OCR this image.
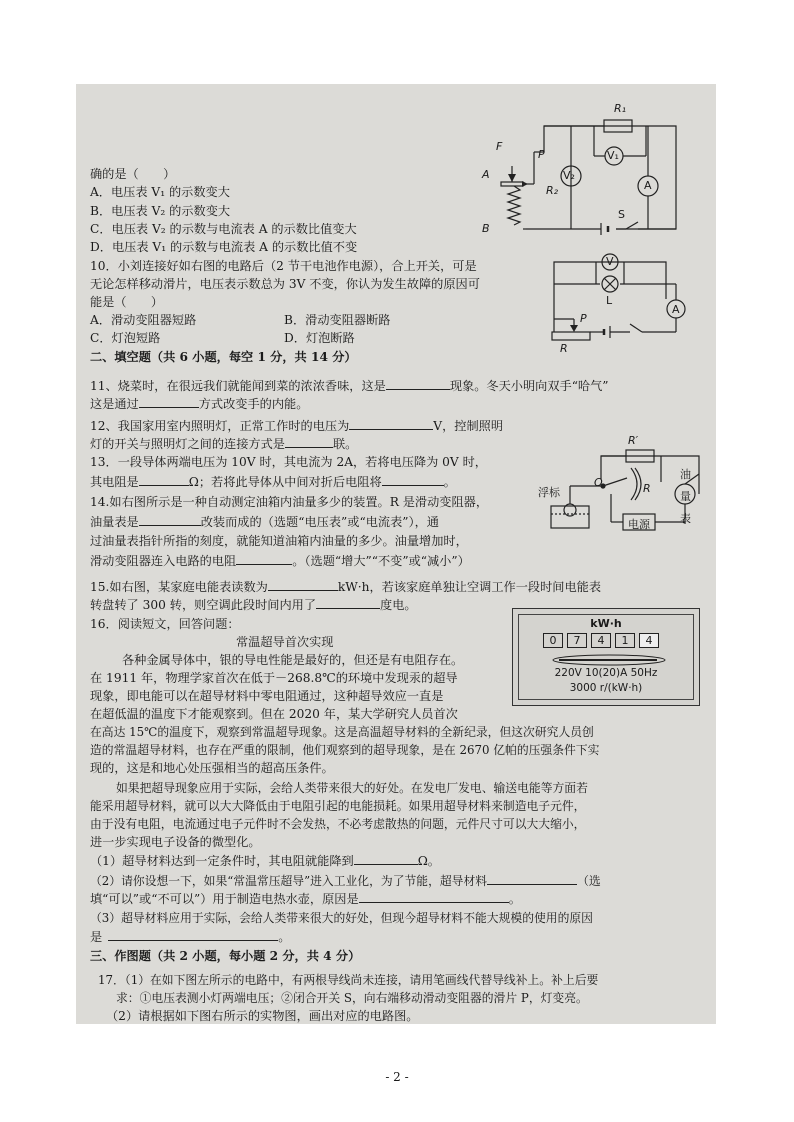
F
A
B
P
R₂
R₁
V₂
V₁
A
S
确的是（　　）
A．电压表 V₁ 的示数变大
B．电压表 V₂ 的示数变大
C．电压表 V₂ 的示数与电流表 A 的示数比值变大
D．电压表 V₁ 的示数与电流表 A 的示数比值不变
10．小刘连接好如右图的电路后（2 节干电池作电源），合上开关，可是
无论怎样移动滑片，电压表示数总为 3V 不变，你认为发生故障的原因可
能是（　　）
A．滑动变阻器短路	B．滑动变阻器断路
C．灯泡短路	D．灯泡断路
V
L
A
P
R
二、填空题（共 6 小题，每空 1 分，共 14 分）
11、烧菜时，在很远我们就能闻到菜的浓浓香味，这是	现象。冬天小明向双手“哈气”
这是通过	方式改变手的内能。
12、我国家用室内照明灯，正常工作时的电压为	V，控制照明
灯的开关与照明灯之间的连接方式是	联。
13．一段导体两端电压为 10V 时，其电流为 2A，若将电压降为 0V 时，
其电阻是	Ω；若将此导体从中间对折后电阻将	。
R′
O	R
浮标
电源
油量表
14.如右图所示是一种自动测定油箱内油量多少的装置。R 是滑动变阻器，
油量表是	改装而成的（选题“电压表”或“电流表”），通
过油量表指针所指的刻度，就能知道油箱内油量的多少。油量增加时，
滑动变阻器连入电路的电阻	。（选题“增大”“不变”或“减小”）
15.如右图，某家庭电能表读数为	kW·h，若该家庭单独让空调工作一段时间电能表
转盘转了 300 转，则空调此段时间内用了	度电。
kW·h
0	7	4	1	4
220V 10(20)A 50Hz
3000 r/(kW·h)
16．阅读短文，回答问题：
常温超导首次实现
各种金属导体中，银的导电性能是最好的，但还是有电阻存在。
在 1911 年，物理学家首次在低于－268.8℃的环境中发现汞的超导
现象，即电能可以在超导材料中零电阻通过，这种超导效应一直是
在超低温的温度下才能观察到。但在 2020 年，某大学研究人员首次
在高达 15℃的温度下，观察到常温超导现象。这是高温超导材料的全新纪录，但这次研究人员创
造的常温超导材料，也存在严重的限制，他们观察到的超导现象，是在 2670 亿帕的压强条件下实
现的，这是和地心处压强相当的超高压条件。
如果把超导现象应用于实际，会给人类带来很大的好处。在发电厂发电、输送电能等方面若
能采用超导材料，就可以大大降低由于电阻引起的电能损耗。如果用超导材料来制造电子元件，
由于没有电阻，电流通过电子元件时不会发热，不必考虑散热的问题，元件尺寸可以大大缩小，
进一步实现电子设备的微型化。
（1）超导材料达到一定条件时，其电阻就能降到	Ω。
（2）请你设想一下，如果“常温常压超导”进入工业化，为了节能，超导材料	（选
填“可以”或“不可以”）用于制造电热水壶，原因是	。
（3）超导材料应用于实际，会给人类带来很大的好处，但现今超导材料不能大规模的使用的原因
是	。
三、作图题（共 2 小题，每小题 2 分，共 4 分）
17．（1）在如下图左所示的电路中，有两根导线尚未连接，请用笔画线代替导线补上。补上后要
求：①电压表测小灯两端电压；②闭合开关 S，向右端移动滑动变阻器的滑片 P，灯变亮。
（2）请根据如下图右所示的实物图，画出对应的电路图。
- 2 -
